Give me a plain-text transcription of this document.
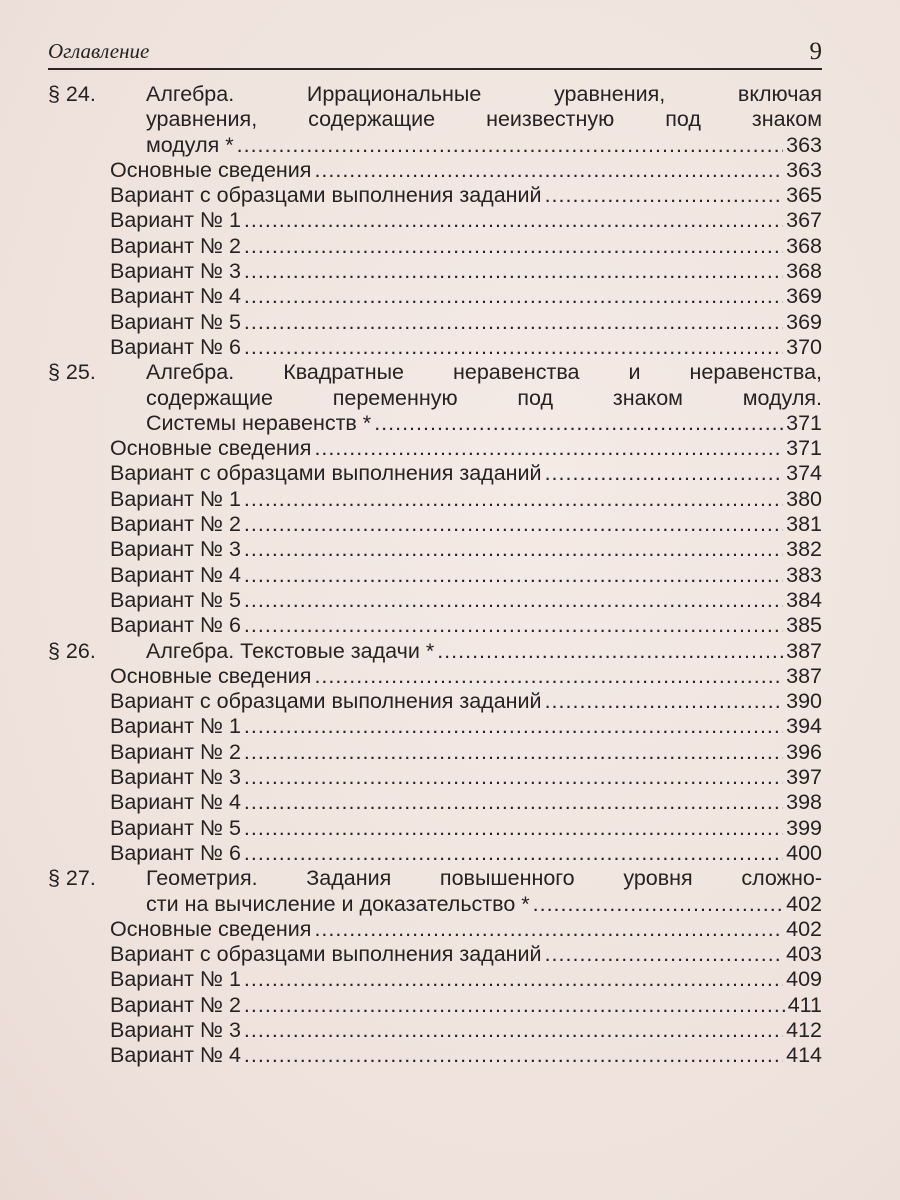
Оглавление	9
§ 24.	Алгебра. Иррациональные уравнения, включая
уравнения, содержащие неизвестную под знаком
модуля * .....	363
Основные сведения .....	363
Вариант с образцами выполнения заданий .....	365
Вариант № 1 .....	367
Вариант № 2 .....	368
Вариант № 3 .....	368
Вариант № 4 .....	369
Вариант № 5 .....	369
Вариант № 6 .....	370
§ 25.	Алгебра. Квадратные неравенства и неравенства,
содержащие переменную под знаком модуля.
Системы неравенств * .....	371
Основные сведения .....	371
Вариант с образцами выполнения заданий .....	374
Вариант № 1 .....	380
Вариант № 2 .....	381
Вариант № 3 .....	382
Вариант № 4 .....	383
Вариант № 5 .....	384
Вариант № 6 .....	385
§ 26.	Алгебра. Текстовые задачи * .....	387
Основные сведения .....	387
Вариант с образцами выполнения заданий .....	390
Вариант № 1 .....	394
Вариант № 2 .....	396
Вариант № 3 .....	397
Вариант № 4 .....	398
Вариант № 5 .....	399
Вариант № 6 .....	400
§ 27.	Геометрия. Задания повышенного уровня сложно-
сти на вычисление и доказательство * .....	402
Основные сведения .....	402
Вариант с образцами выполнения заданий .....	403
Вариант № 1 .....	409
Вариант № 2 .....	411
Вариант № 3 .....	412
Вариант № 4 .....	414
